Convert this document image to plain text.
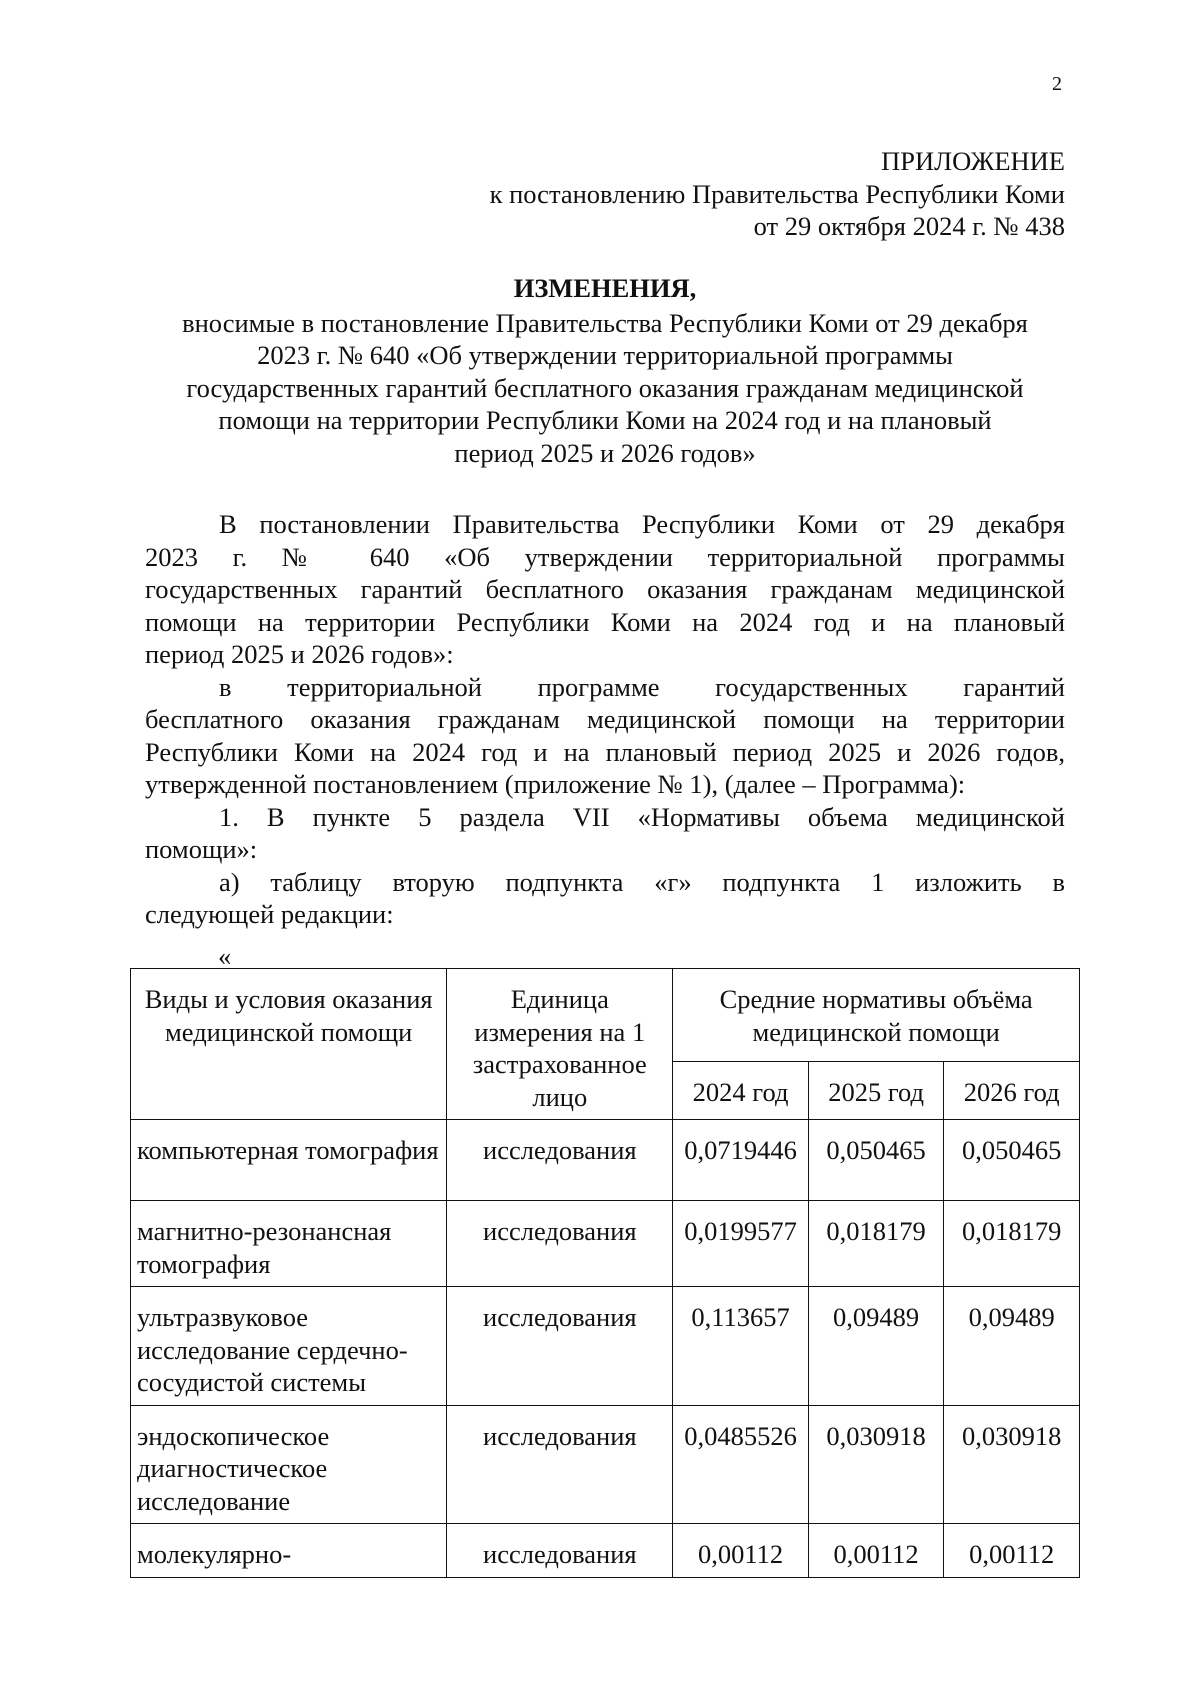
2
ПРИЛОЖЕНИЕ
к постановлению Правительства Республики Коми
от 29 октября 2024 г. № 438
ИЗМЕНЕНИЯ,
вносимые в постановление Правительства Республики Коми от 29 декабря
2023 г. № 640 «Об утверждении территориальной программы
государственных гарантий бесплатного оказания гражданам медицинской
помощи на территории Республики Коми на 2024 год и на плановый
период 2025 и 2026 годов»
В постановлении Правительства Республики Коми от 29 декабря
2023 г. № 640 «Об утверждении территориальной программы
государственных гарантий бесплатного оказания гражданам медицинской
помощи на территории Республики Коми на 2024 год и на плановый
период 2025 и 2026 годов»:
в территориальной программе государственных гарантий
бесплатного оказания гражданам медицинской помощи на территории
Республики Коми на 2024 год и на плановый период 2025 и 2026 годов,
утвержденной постановлением (приложение № 1), (далее – Программа):
1. В пункте 5 раздела VII «Нормативы объема медицинской
помощи»:
а) таблицу вторую подпункта «г» подпункта 1 изложить в
следующей редакции:
«
Виды и условия оказания медицинской помощи	Единица измерения на 1 застрахованное лицо	Средние нормативы объёма медицинской помощи		
		2024 год	2025 год	2026 год
компьютерная томография	исследования	0,0719446	0,050465	0,050465
магнитно-резонансная томография	исследования	0,0199577	0,018179	0,018179
ультразвуковое исследование сердечно-сосудистой системы	исследования	0,113657	0,09489	0,09489
эндоскопическое диагностическое исследование	исследования	0,0485526	0,030918	0,030918
молекулярно-	исследования	0,00112	0,00112	0,00112
